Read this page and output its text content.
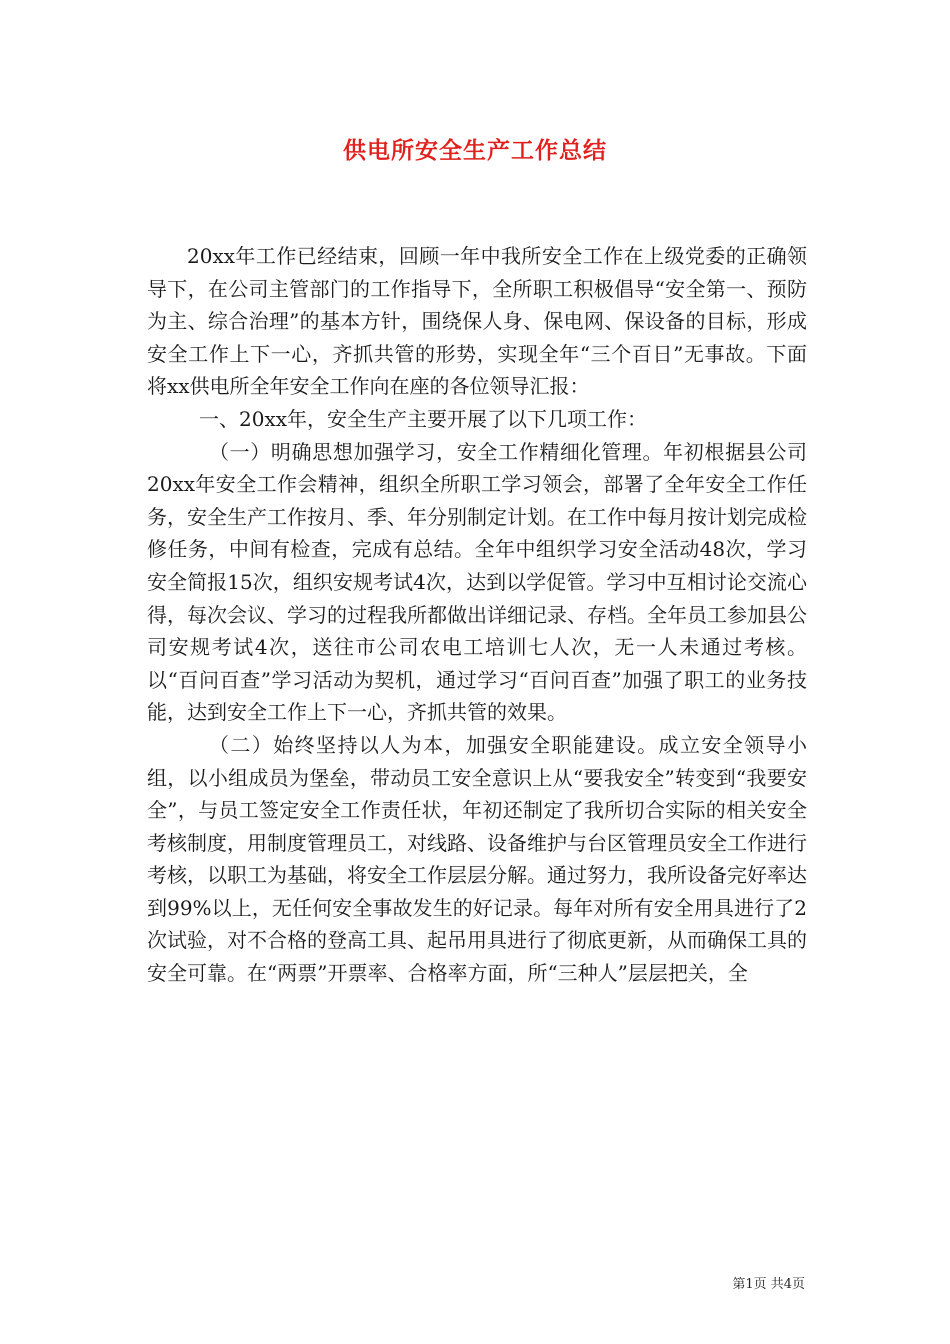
供电所安全生产工作总结

20xx年工作已经结束，回顾一年中我所安全工作在上级党委的正确领导下，在公司主管部门的工作指导下，全所职工积极倡导“安全第一、预防为主、综合治理”的基本方针，围绕保人身、保电网、保设备的目标，形成安全工作上下一心，齐抓共管的形势，实现全年“三个百日”无事故。下面将xx供电所全年安全工作向在座的各位领导汇报：

一、20xx年，安全生产主要开展了以下几项工作：

（一）明确思想加强学习，安全工作精细化管理。年初根据县公司20xx年安全工作会精神，组织全所职工学习领会，部署了全年安全工作任务，安全生产工作按月、季、年分别制定计划。在工作中每月按计划完成检修任务，中间有检查，完成有总结。全年中组织学习安全活动48次，学习安全简报15次，组织安规考试4次，达到以学促管。学习中互相讨论交流心得，每次会议、学习的过程我所都做出详细记录、存档。全年员工参加县公司安规考试4次，送往市公司农电工培训七人次，无一人未通过考核。以“百问百查”学习活动为契机，通过学习“百问百查”加强了职工的业务技能，达到安全工作上下一心，齐抓共管的效果。

（二）始终坚持以人为本，加强安全职能建设。成立安全领导小组，以小组成员为堡垒，带动员工安全意识上从“要我安全”转变到“我要安全”，与员工签定安全工作责任状，年初还制定了我所切合实际的相关安全考核制度，用制度管理员工，对线路、设备维护与台区管理员安全工作进行考核，以职工为基础，将安全工作层层分解。通过努力，我所设备完好率达到99%以上，无任何安全事故发生的好记录。每年对所有安全用具进行了2次试验，对不合格的登高工具、起吊用具进行了彻底更新，从而确保工具的安全可靠。在“两票”开票率、合格率方面，所“三种人”层层把关，全

第1页 共4页
